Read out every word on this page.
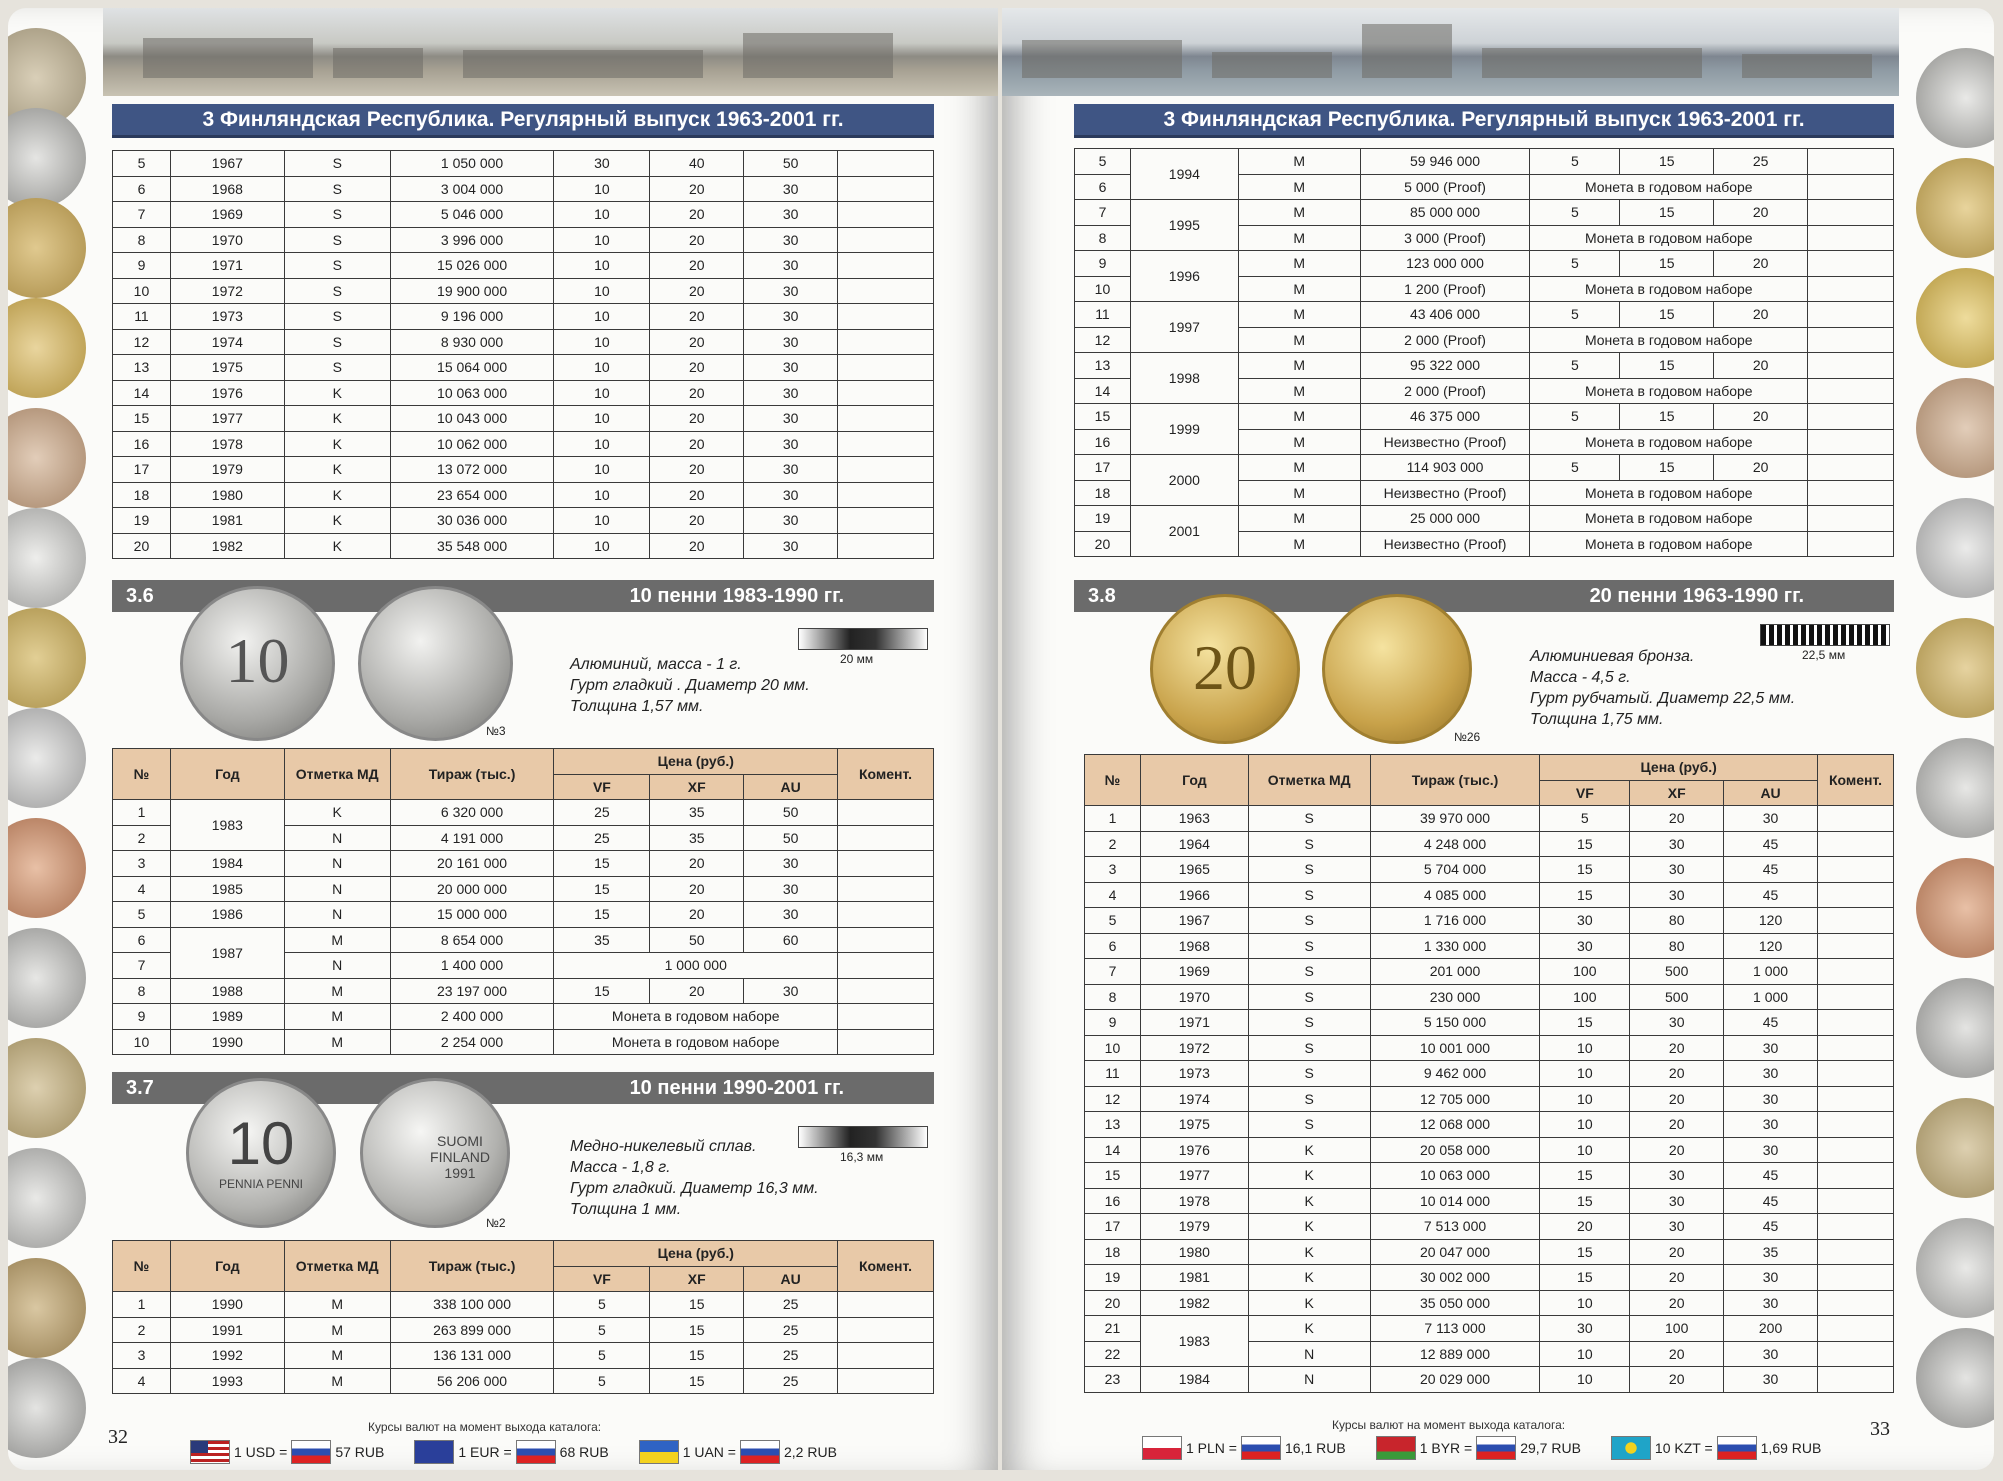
3 Финляндская Республика. Регулярный выпуск 1963-2001 гг.
5	1967	S	1 050 000	30	40	50	
6	1968	S	3 004 000	10	20	30	
7	1969	S	5 046 000	10	20	30	
8	1970	S	3 996 000	10	20	30	
9	1971	S	15 026 000	10	20	30	
10	1972	S	19 900 000	10	20	30	
11	1973	S	9 196 000	10	20	30	
12	1974	S	8 930 000	10	20	30	
13	1975	S	15 064 000	10	20	30	
14	1976	K	10 063 000	10	20	30	
15	1977	K	10 043 000	10	20	30	
16	1978	K	10 062 000	10	20	30	
17	1979	K	13 072 000	10	20	30	
18	1980	K	23 654 000	10	20	30	
19	1981	K	30 036 000	10	20	30	
20	1982	K	35 548 000	10	20	30	
3.6	10 пенни 1983-1990 гг.
10
№3
20 мм
Алюминий, масса - 1 г.
Гурт гладкий . Диаметр 20 мм.
Толщина 1,57 мм.
№	Год	Отметка МД	Тираж (тыс.)	Цена (руб.)			Комент.
				VF	XF	AU	
1	1983	K	6 320 000	25	35	50	
2		N	4 191 000	25	35	50	
3	1984	N	20 161 000	15	20	30	
4	1985	N	20 000 000	15	20	30	
5	1986	N	15 000 000	15	20	30	
6	1987	M	8 654 000	35	50	60	
7		N	1 400 000	1 000 000			
8	1988	M	23 197 000	15	20	30	
9	1989	M	2 400 000	Монета в годовом наборе			
10	1990	M	2 254 000	Монета в годовом наборе			
3.7	10 пенни 1990-2001 гг.
10
PENNIA PENNI
SUOMI FINLAND 1991
№2
16,3 мм
Медно-никелевый сплав.
Масса - 1,8 г.
Гурт гладкий. Диаметр 16,3 мм.
Толщина 1 мм.
№	Год	Отметка МД	Тираж (тыс.)	Цена (руб.)			Комент.
				VF	XF	AU	
1	1990	M	338 100 000	5	15	25	
2	1991	M	263 899 000	5	15	25	
3	1992	M	136 131 000	5	15	25	
4	1993	M	56 206 000	5	15	25	
32	Курсы валют на момент выхода каталога:
1 USD =	57 RUB	1 EUR =	68 RUB	1 UAN =	2,2 RUB
3 Финляндская Республика. Регулярный выпуск 1963-2001 гг.
5	1994	M	59 946 000	5	15	25	
6		M	5 000 (Proof)	Монета в годовом наборе			
7	1995	M	85 000 000	5	15	20	
8		M	3 000 (Proof)	Монета в годовом наборе			
9	1996	M	123 000 000	5	15	20	
10		M	1 200 (Proof)	Монета в годовом наборе			
11	1997	M	43 406 000	5	15	20	
12		M	2 000 (Proof)	Монета в годовом наборе			
13	1998	M	95 322 000	5	15	20	
14		M	2 000 (Proof)	Монета в годовом наборе			
15	1999	M	46 375 000	5	15	20	
16		M	Неизвестно (Proof)	Монета в годовом наборе			
17	2000	M	114 903 000	5	15	20	
18		M	Неизвестно (Proof)	Монета в годовом наборе			
19	2001	M	25 000 000	Монета в годовом наборе			
20		M	Неизвестно (Proof)	Монета в годовом наборе			
3.8	20 пенни 1963-1990 гг.
20
№26
22,5 мм
Алюминиевая бронза.
Масса - 4,5 г.
Гурт рубчатый. Диаметр 22,5 мм.
Толщина 1,75 мм.
№	Год	Отметка МД	Тираж (тыс.)	Цена (руб.)			Комент.
				VF	XF	AU	
1	1963	S	39 970 000	5	20	30	
2	1964	S	4 248 000	15	30	45	
3	1965	S	5 704 000	15	30	45	
4	1966	S	4 085 000	15	30	45	
5	1967	S	1 716 000	30	80	120	
6	1968	S	1 330 000	30	80	120	
7	1969	S	201 000	100	500	1 000	
8	1970	S	230 000	100	500	1 000	
9	1971	S	5 150 000	15	30	45	
10	1972	S	10 001 000	10	20	30	
11	1973	S	9 462 000	10	20	30	
12	1974	S	12 705 000	10	20	30	
13	1975	S	12 068 000	10	20	30	
14	1976	K	20 058 000	10	20	30	
15	1977	K	10 063 000	15	30	45	
16	1978	K	10 014 000	15	30	45	
17	1979	K	7 513 000	20	30	45	
18	1980	K	20 047 000	15	20	35	
19	1981	K	30 002 000	15	20	30	
20	1982	K	35 050 000	10	20	30	
21	1983	K	7 113 000	30	100	200	
22		N	12 889 000	10	20	30	
23	1984	N	20 029 000	10	20	30	
33
Курсы валют на момент выхода каталога:
1 PLN =	16,1 RUB	1 BYR =	29,7 RUB	10 KZT =	1,69 RUB
